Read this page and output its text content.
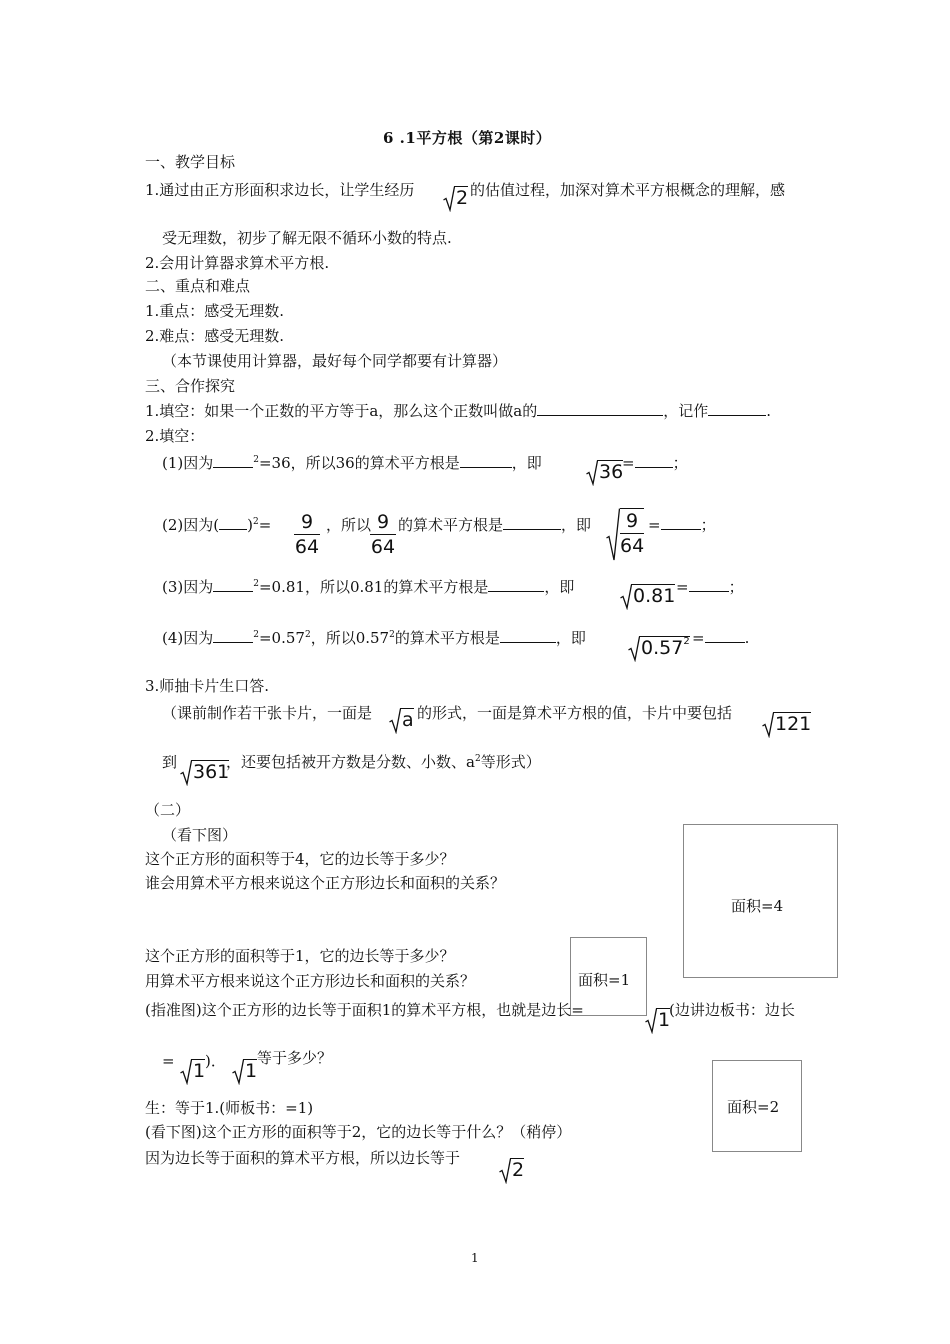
6 .1平方根（第2课时）
一、教学目标
1.通过由正方形面积求边长，让学生经历 2 的估值过程，加深对算术平方根概念的理解，感
受无理数，初步了解无限不循环小数的特点.
2.会用计算器求算术平方根.
二、重点和难点
1.重点：感受无理数.
2.难点：感受无理数.
（本节课使用计算器，最好每个同学都要有计算器）
三、合作探究
1.填空：如果一个正数的平方等于a，那么这个正数叫做a的	，记作	.
2.填空：
(1)因为	$^2$=36，所以36的算术平方根是	，即	36
=	；
(2)因为( )$^2$=	9
64
，所以 9
64
的算术平方根是	，即	9
64
=	；
(3)因为	$^2$=0.81，所以0.81的算术平方根是	，即	0.81 =	；
(4)因为	$^2=0.57^2$，所以0.57$^2$的算术平方根是	，即	$0.57^2$ =	.
3.师抽卡片生口答.
（课前制作若干张卡片，一面是 a 的形式，一面是算术平方根的值，卡片中要包括 121
到 361
，还要包括被开方数是分数、小数、$a^2$等形式）
（二）
（看下图）
这个正方形的面积等于4，它的边长等于多少？
谁会用算术平方根来说这个正方形边长和面积的关系？
面积=4
这个正方形的面积等于1，它的边长等于多少？
用算术平方根来说这个正方形边长和面积的关系？	面积=1
(指准图)这个正方形的边长等于面积1的算术平方根，也就是边长=	1
(边讲边板书：边长
= 1 )． 1
等于多少？
面积=2
生：等于1.(师板书：=1)
(看下图)这个正方形的面积等于2，它的边长等于什么？（稍停）
因为边长等于面积的算术平方根，所以边长等于
2
1
